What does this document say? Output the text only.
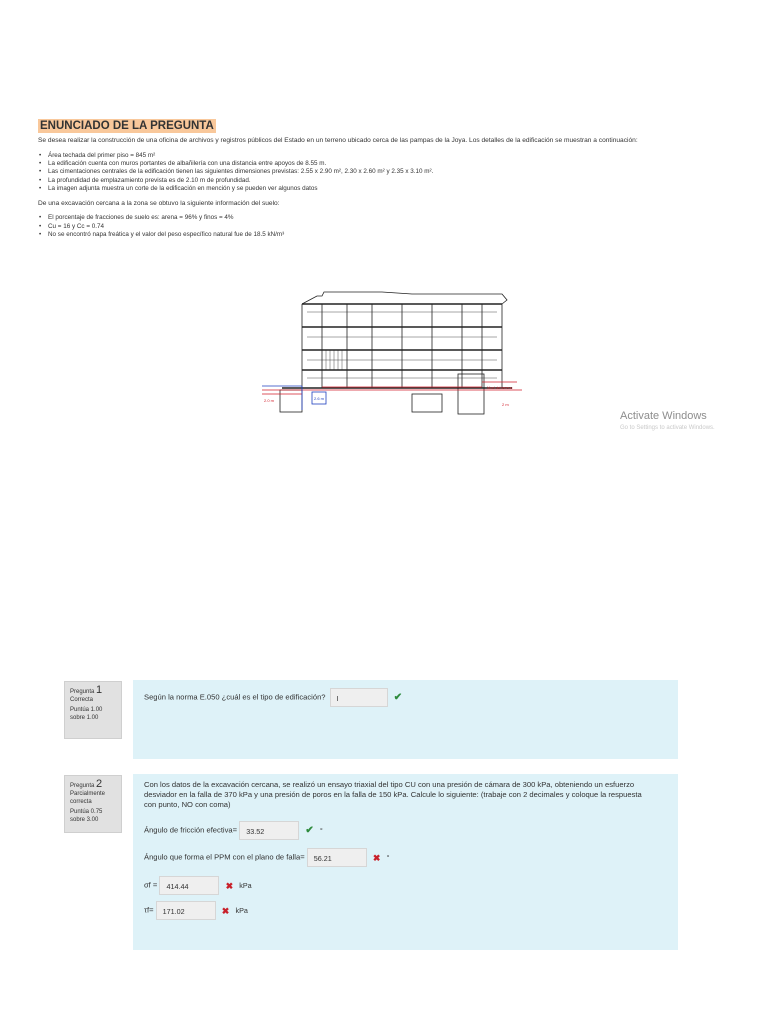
ENUNCIADO DE LA PREGUNTA

Se desea realizar la construcción de una oficina de archivos y registros públicos del Estado en un terreno ubicado cerca de las pampas de la Joya. Los detalles de la edificación se muestran a continuación:

• Área techada del primer piso = 845 m²
• La edificación cuenta con muros portantes de albañilería con una distancia entre apoyos de 8.55 m.
• Las cimentaciones centrales de la edificación tienen las siguientes dimensiones previstas: 2.55 x 2.90 m², 2.30 x 2.60 m² y 2.35 x 3.10 m².
• La profundidad de emplazamiento prevista es de 2.10 m de profundidad.
• La imagen adjunta muestra un corte de la edificación en mención y se pueden ver algunos datos

De una excavación cercana a la zona se obtuvo la siguiente información del suelo:

• El porcentaje de fracciones de suelo es: arena = 96% y finos = 4%
• Cu = 16 y Cc = 0.74
• No se encontró napa freática y el valor del peso específico natural fue de 18.5 kN/m³
2.0 m	2.6 m
2 m
Nivel del terreno
Activate Windows
Go to Settings to activate Windows.
Pregunta 1
Correcta
Puntúa 1.00 sobre 1.00
Según la norma E.050 ¿cuál es el tipo de edificación? I	✔
Pregunta 2
Parcialmente correcta
Puntúa 0.75 sobre 3.00
Con los datos de la excavación cercana, se realizó un ensayo triaxial del tipo CU con una presión de cámara de 300 kPa, obteniendo un esfuerzo desviador en la falla de 370 kPa y una presión de poros en la falla de 150 kPa. Calcule lo siguiente: (trabaje con 2 decimales y coloque la respuesta con punto, NO con coma)
Ángulo de fricción efectiva= 33.52	✔ °
Ángulo que forma el PPM con el plano de falla= 56.21	✖ °
σf = 414.44	✖ kPa
τf= 171.02	✖ kPa
